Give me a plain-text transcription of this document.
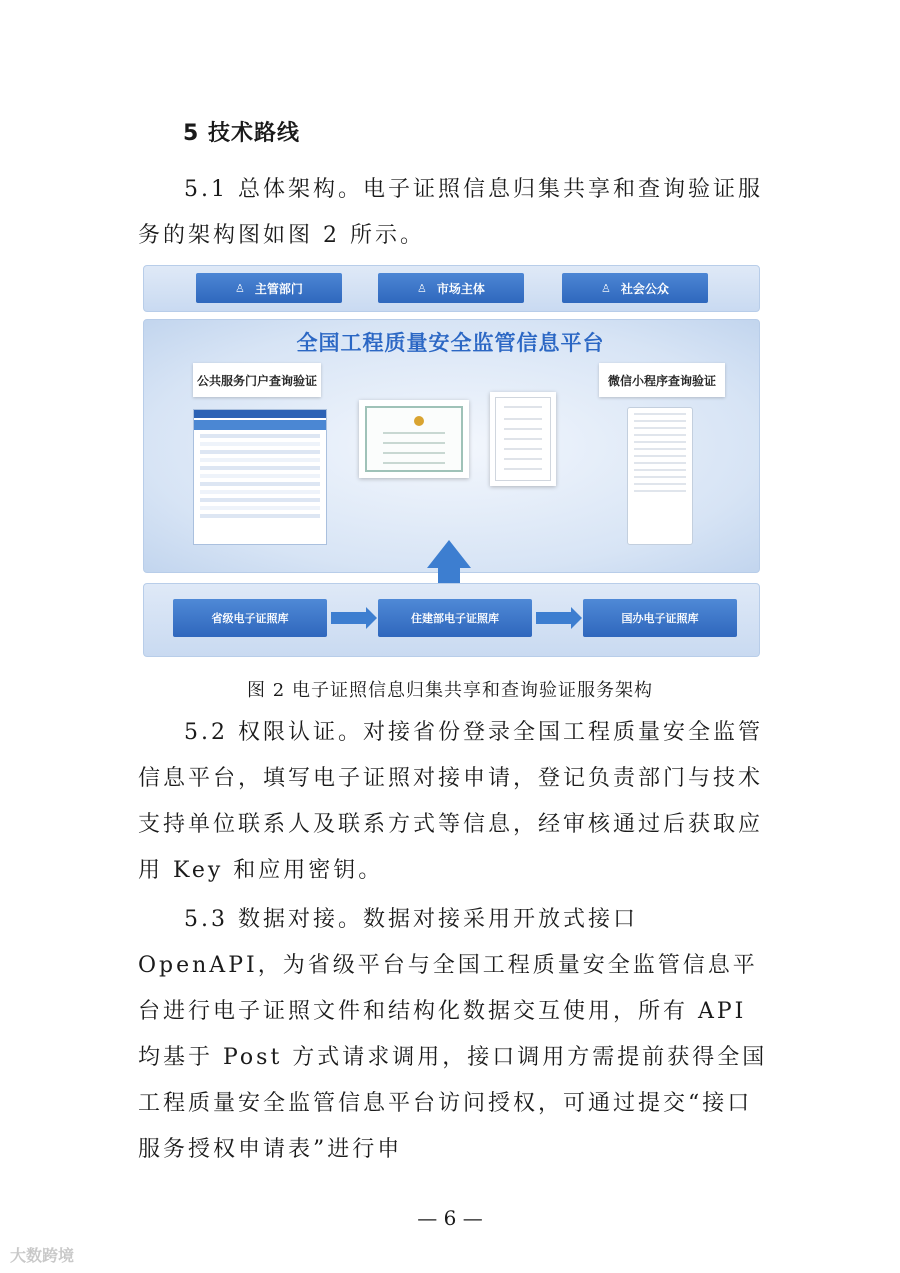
5 技术路线

5.1 总体架构。电子证照信息归集共享和查询验证服务的架构图如图 2 所示。

♙ 主管部门	♙ 市场主体	♙ 社会公众
全国工程质量安全监管信息平台
公共服务门户查询验证	微信小程序查询验证
省级电子证照库	住建部电子证照库	国办电子证照库
图 2 电子证照信息归集共享和查询验证服务架构

5.2 权限认证。对接省份登录全国工程质量安全监管信息平台，填写电子证照对接申请，登记负责部门与技术支持单位联系人及联系方式等信息，经审核通过后获取应用 Key 和应用密钥。

5.3 数据对接。数据对接采用开放式接口 OpenAPI，为省级平台与全国工程质量安全监管信息平台进行电子证照文件和结构化数据交互使用，所有 API 均基于 Post 方式请求调用，接口调用方需提前获得全国工程质量安全监管信息平台访问授权，可通过提交“接口服务授权申请表”进行申

— 6 —
大数跨境
